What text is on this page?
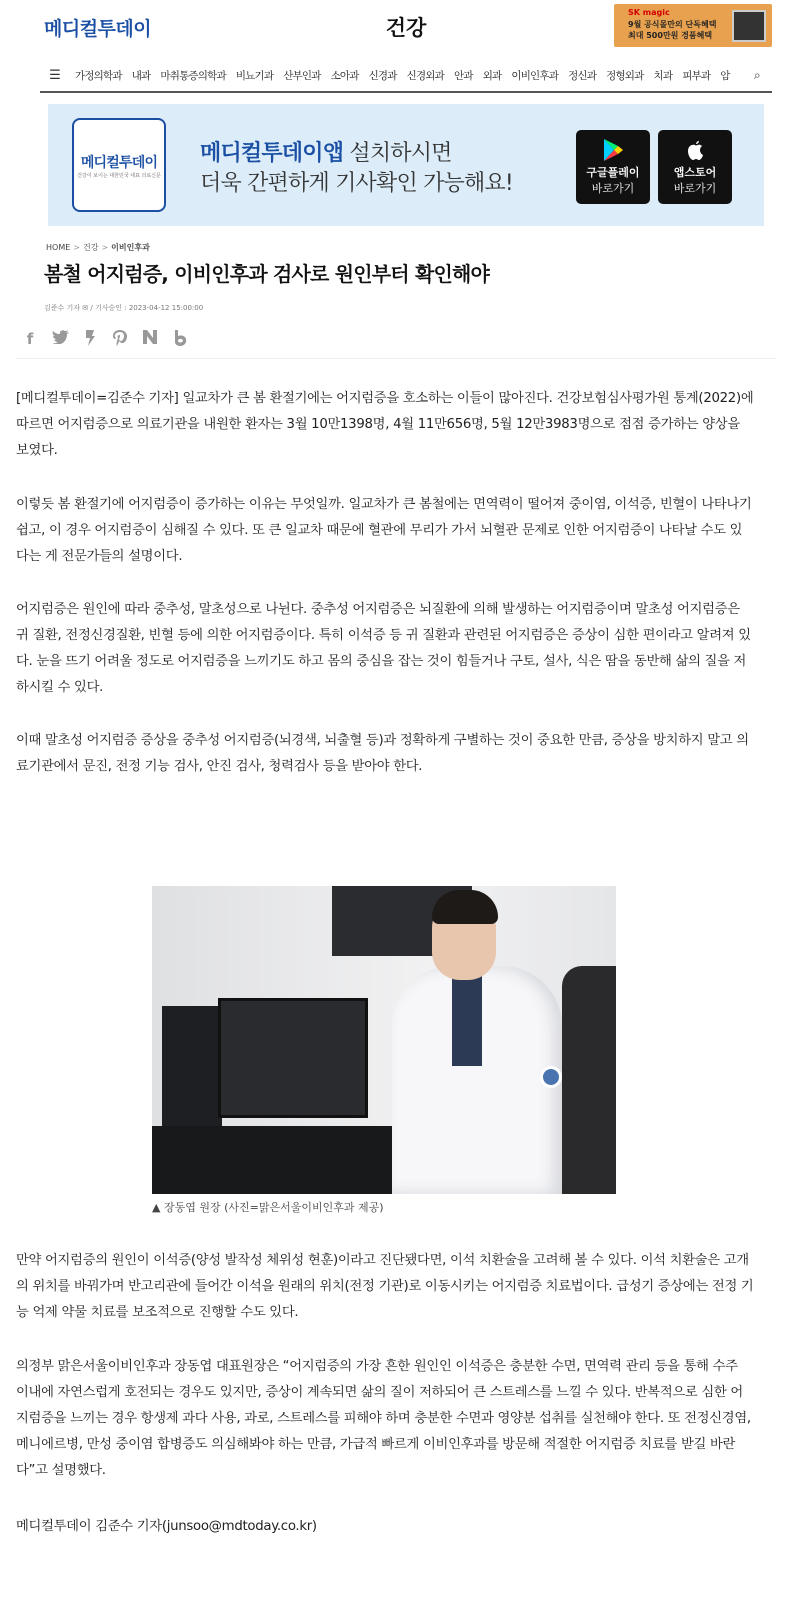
메디컬투데이	건강
SK magic
9월 공식몰만의 단독혜택
최대 500만원 경품혜택
☰	가정의학과 내과 마취통증의학과 비뇨기과 산부인과 소아과 신경과 신경외과 안과 외과 이비인후과 정신과 정형외과 치과 피부과 암	⌕
메디컬투데이
건강이 보이는 대한민국 대표 의료신문
메디컬투데이앱 설치하시면
더욱 간편하게 기사확인 가능해요!	구글플레이
바로가기
앱스토어
바로가기
HOME > 건강 > 이비인후과
봄철 어지럼증, 이비인후과 검사로 원인부터 확인해야
김준수 기자 ✉ / 기사승인 : 2023-04-12 15:00:00
f

[메디컬투데이=김준수 기자] 일교차가 큰 봄 환절기에는 어지럼증을 호소하는 이들이 많아진다. 건강보험심사평가원 통계(2022)에 따르면 어지럼증으로 의료기관을 내원한 환자는 3월 10만1398명, 4월 11만656명, 5월 12만3983명으로 점점 증가하는 양상을 보였다.

이렇듯 봄 환절기에 어지럼증이 증가하는 이유는 무엇일까. 일교차가 큰 봄철에는 면역력이 떨어져 중이염, 이석증, 빈혈이 나타나기 쉽고, 이 경우 어지럼증이 심해질 수 있다. 또 큰 일교차 때문에 혈관에 무리가 가서 뇌혈관 문제로 인한 어지럼증이 나타날 수도 있다는 게 전문가들의 설명이다.

어지럼증은 원인에 따라 중추성, 말초성으로 나뉜다. 중추성 어지럼증은 뇌질환에 의해 발생하는 어지럼증이며 말초성 어지럼증은 귀 질환, 전정신경질환, 빈혈 등에 의한 어지럼증이다. 특히 이석증 등 귀 질환과 관련된 어지럼증은 증상이 심한 편이라고 알려져 있다. 눈을 뜨기 어려울 정도로 어지럼증을 느끼기도 하고 몸의 중심을 잡는 것이 힘들거나 구토, 설사, 식은 땀을 동반해 삶의 질을 저하시킬 수 있다.

이때 말초성 어지럼증 증상을 중추성 어지럼증(뇌경색, 뇌출혈 등)과 정확하게 구별하는 것이 중요한 만큼, 증상을 방치하지 말고 의료기관에서 문진, 전정 기능 검사, 안진 검사, 청력검사 등을 받아야 한다.

▲ 장동엽 원장 (사진=맑은서울이비인후과 제공)

만약 어지럼증의 원인이 이석증(양성 발작성 체위성 현훈)이라고 진단됐다면, 이석 치환술을 고려해 볼 수 있다. 이석 치환술은 고개의 위치를 바꿔가며 반고리관에 들어간 이석을 원래의 위치(전정 기관)로 이동시키는 어지럼증 치료법이다. 급성기 증상에는 전정 기능 억제 약물 치료를 보조적으로 진행할 수도 있다.

의정부 맑은서울이비인후과 장동엽 대표원장은 “어지럼증의 가장 흔한 원인인 이석증은 충분한 수면, 면역력 관리 등을 통해 수주 이내에 자연스럽게 호전되는 경우도 있지만, 증상이 계속되면 삶의 질이 저하되어 큰 스트레스를 느낄 수 있다. 반복적으로 심한 어지럼증을 느끼는 경우 항생제 과다 사용, 과로, 스트레스를 피해야 하며 충분한 수면과 영양분 섭취를 실천해야 한다. 또 전정신경염, 메니에르병, 만성 중이염 합병증도 의심해봐야 하는 만큼, 가급적 빠르게 이비인후과를 방문해 적절한 어지럼증 치료를 받길 바란다”고 설명했다.

메디컬투데이 김준수 기자(junsoo@mdtoday.co.kr)
